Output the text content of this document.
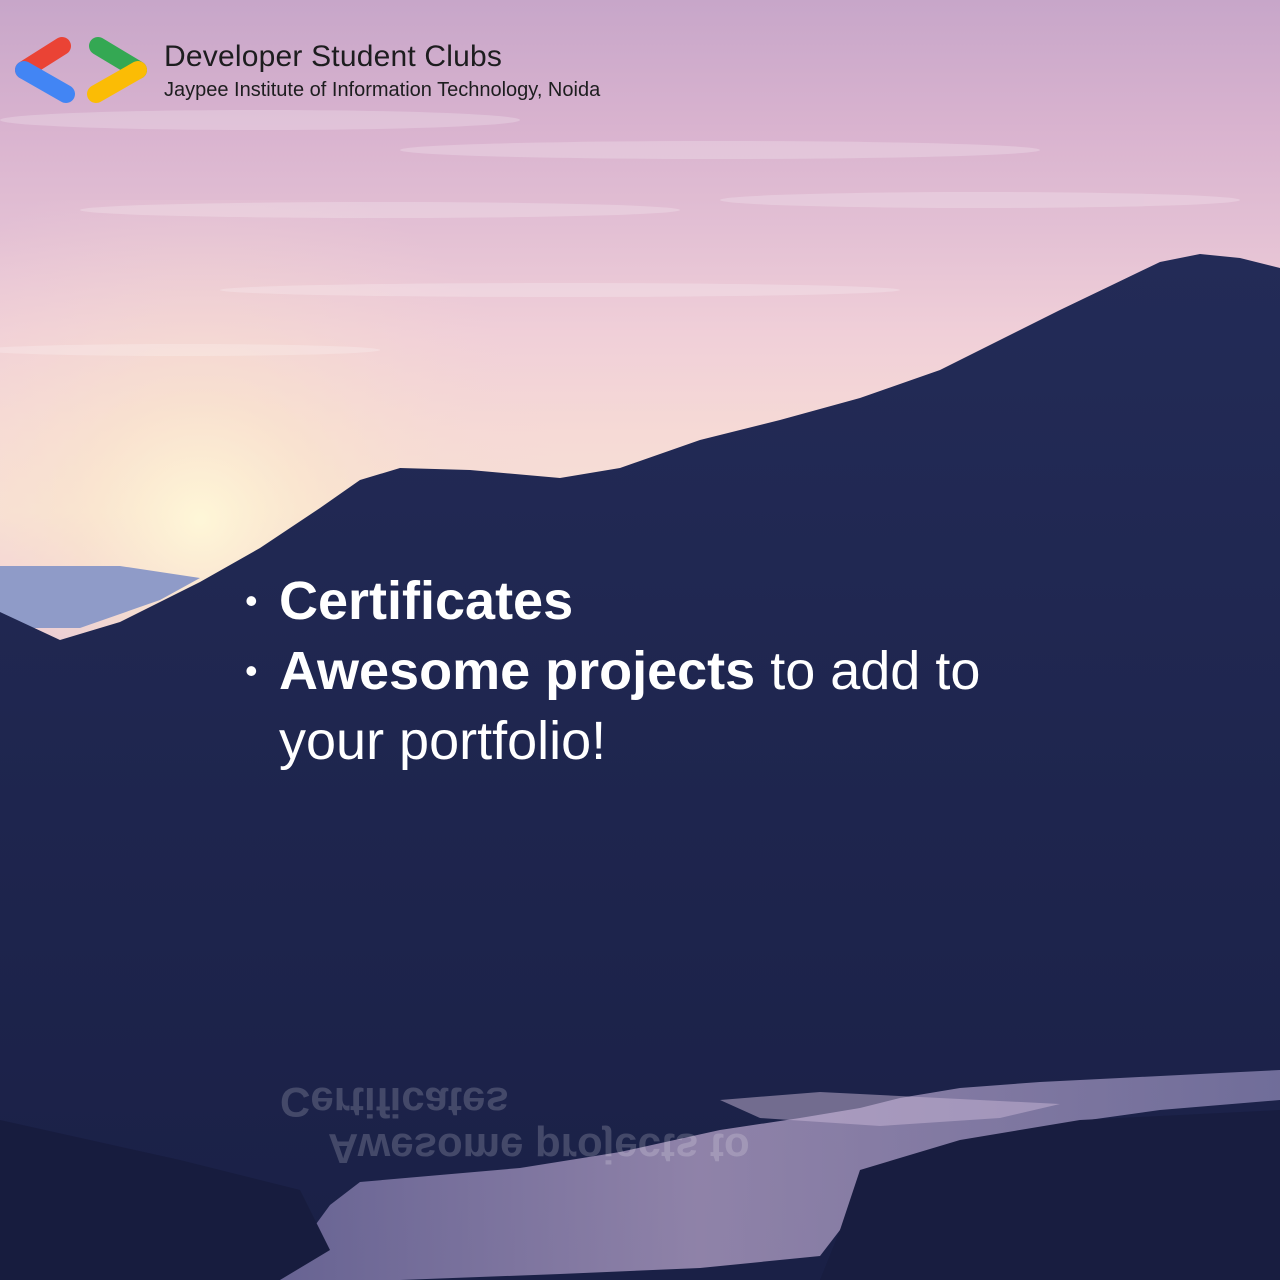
Developer Student Clubs
Jaypee Institute of Information Technology, Noida
• Certificates
• Awesome projects to add to your portfolio!
Awesome projects to
Certificates
